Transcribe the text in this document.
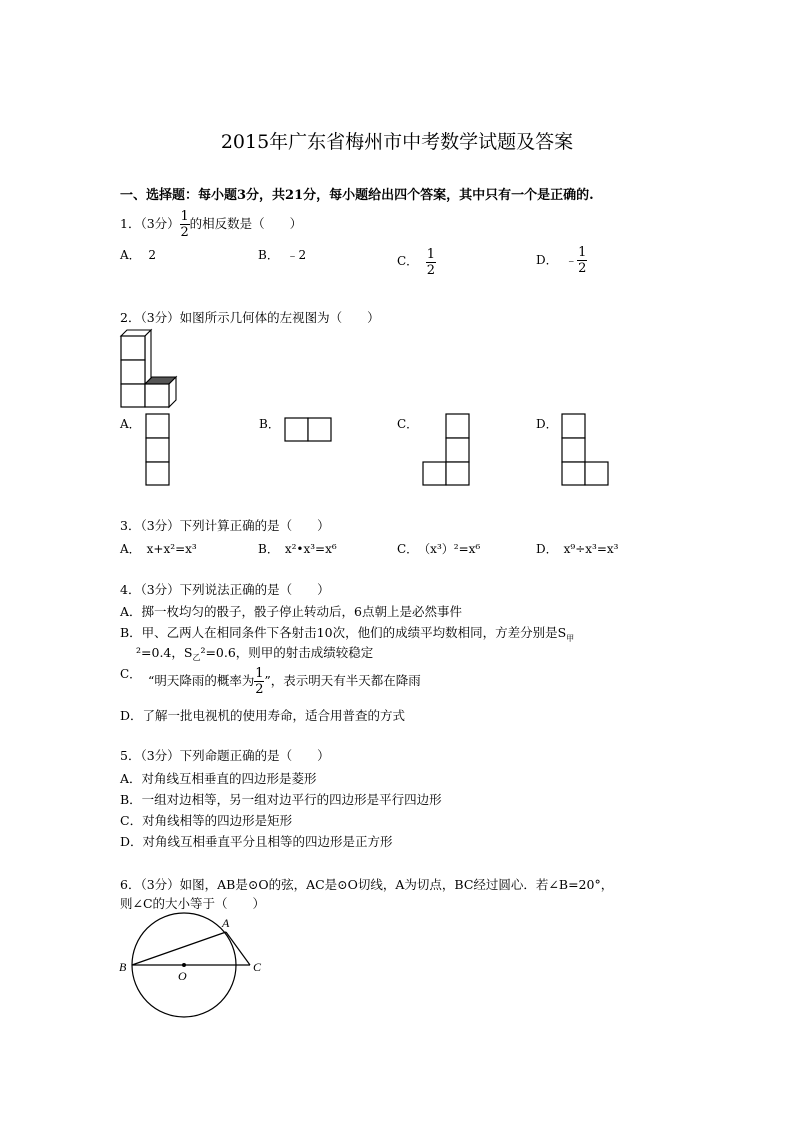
2015年广东省梅州市中考数学试题及答案
一、选择题：每小题3分，共21分，每小题给出四个答案，其中只有一个是正确的.
1．（3分） $\frac{1}{2}$ 的相反数是（　　）
A． 2	B． ﹣2	C． $\frac{1}{2}$	D． ﹣ $\frac{1}{2}$
2．（3分）如图所示几何体的左视图为（　　）
A．	B．	C．	D．
3．（3分）下列计算正确的是（　　）
A．　x+x²=x³	B．　x²•x³=x⁶	C．　（x³）²=x⁶	D．　x⁹÷x³=x³
4．（3分）下列说法正确的是（　　）
A．掷一枚均匀的骰子，骰子停止转动后，6点朝上是必然事件
B．甲、乙两人在相同条件下各射击10次，他们的成绩平均数相同，方差分别是$S_甲$
²=0.4，$S_乙^2=0.6$，则甲的射击成绩较稳定
C． “明天降雨的概率为 $\frac{1}{2}$ ”，表示明天有半天都在降雨
D．了解一批电视机的使用寿命，适合用普查的方式
5．（3分）下列命题正确的是（　　）
A．对角线互相垂直的四边形是菱形
B．一组对边相等，另一组对边平行的四边形是平行四边形
C．对角线相等的四边形是矩形
D．对角线互相垂直平分且相等的四边形是正方形
6．（3分）如图，AB是⊙O的弦，AC是⊙O切线，A为切点，BC经过圆心．若∠B=20°，
则∠C的大小等于（　　）
A
B
O
C
